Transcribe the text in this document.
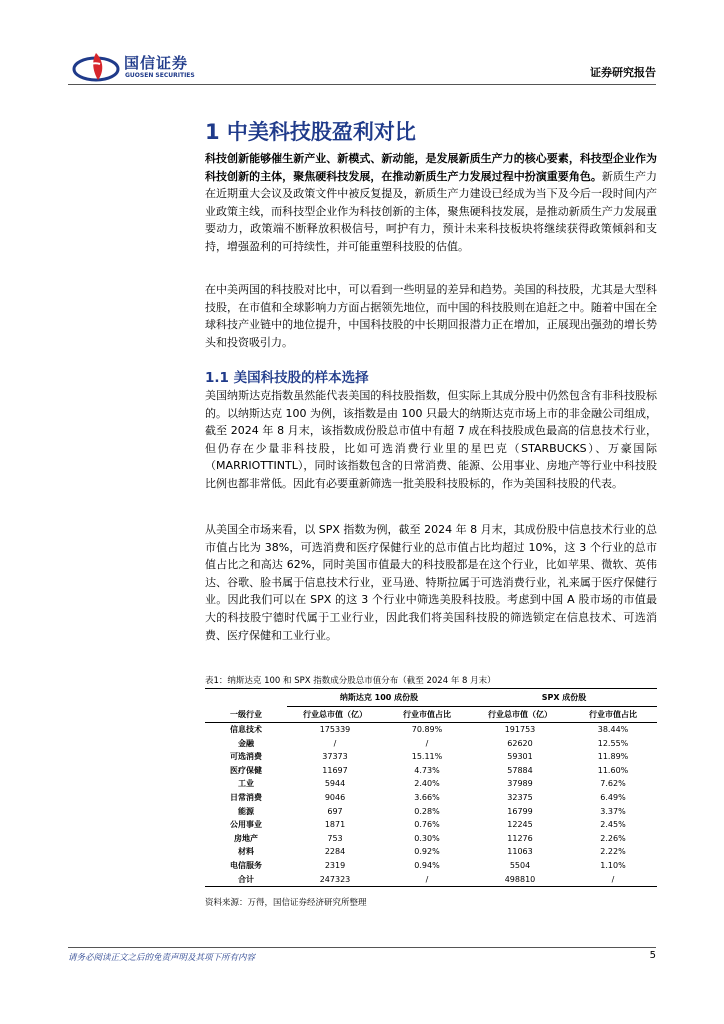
国信证券
GUOSEN SECURITIES	证券研究报告
1 中美科技股盈利对比

科技创新能够催生新产业、新模式、新动能，是发展新质生产力的核心要素，科技型企业作为科技创新的主体，聚焦硬科技发展，在推动新质生产力发展过程中扮演重要角色。新质生产力在近期重大会议及政策文件中被反复提及，新质生产力建设已经成为当下及今后一段时间内产业政策主线，而科技型企业作为科技创新的主体，聚焦硬科技发展，是推动新质生产力发展重要动力，政策端不断释放积极信号，呵护有力，预计未来科技板块将继续获得政策倾斜和支持，增强盈利的可持续性，并可能重塑科技股的估值。

在中美两国的科技股对比中，可以看到一些明显的差异和趋势。美国的科技股，尤其是大型科技股，在市值和全球影响力方面占据领先地位，而中国的科技股则在追赶之中。随着中国在全球科技产业链中的地位提升，中国科技股的中长期回报潜力正在增加，正展现出强劲的增长势头和投资吸引力。

1.1 美国科技股的样本选择

美国纳斯达克指数虽然能代表美国的科技股指数，但实际上其成分股中仍然包含有非科技股标的。以纳斯达克 100 为例，该指数是由 100 只最大的纳斯达克市场上市的非金融公司组成，截至 2024 年 8 月末，该指数成份股总市值中有超 7 成在科技股成色最高的信息技术行业，但仍存在少量非科技股，比如可选消费行业里的星巴克（STARBUCKS）、万豪国际（MARRIOTTINTL），同时该指数包含的日常消费、能源、公用事业、房地产等行业中科技股比例也都非常低。因此有必要重新筛选一批美股科技股标的，作为美国科技股的代表。

从美国全市场来看，以 SPX 指数为例，截至 2024 年 8 月末，其成份股中信息技术行业的总市值占比为 38%，可选消费和医疗保健行业的总市值占比均超过 10%，这 3 个行业的总市值占比之和高达 62%，同时美国市值最大的科技股都是在这个行业，比如苹果、微软、英伟达、谷歌、脸书属于信息技术行业，亚马逊、特斯拉属于可选消费行业，礼来属于医疗保健行业。因此我们可以在 SPX 的这 3 个行业中筛选美股科技股。考虑到中国 A 股市场的市值最大的科技股宁德时代属于工业行业，因此我们将美国科技股的筛选锁定在信息技术、可选消费、医疗保健和工业行业。

表1：纳斯达克 100 和 SPX 指数成分股总市值分布（截至 2024 年 8 月末）
	纳斯达克 100 成份股		SPX 成份股	
一级行业	行业总市值（亿）	行业市值占比	行业总市值（亿）	行业市值占比
信息技术	175339	70.89%	191753	38.44%
金融	/	/	62620	12.55%
可选消费	37373	15.11%	59301	11.89%
医疗保健	11697	4.73%	57884	11.60%
工业	5944	2.40%	37989	7.62%
日常消费	9046	3.66%	32375	6.49%
能源	697	0.28%	16799	3.37%
公用事业	1871	0.76%	12245	2.45%
房地产	753	0.30%	11276	2.26%
材料	2284	0.92%	11063	2.22%
电信服务	2319	0.94%	5504	1.10%
合计	247323	/	498810	/
资料来源：万得，国信证券经济研究所整理
请务必阅读正文之后的免责声明及其项下所有内容	5
